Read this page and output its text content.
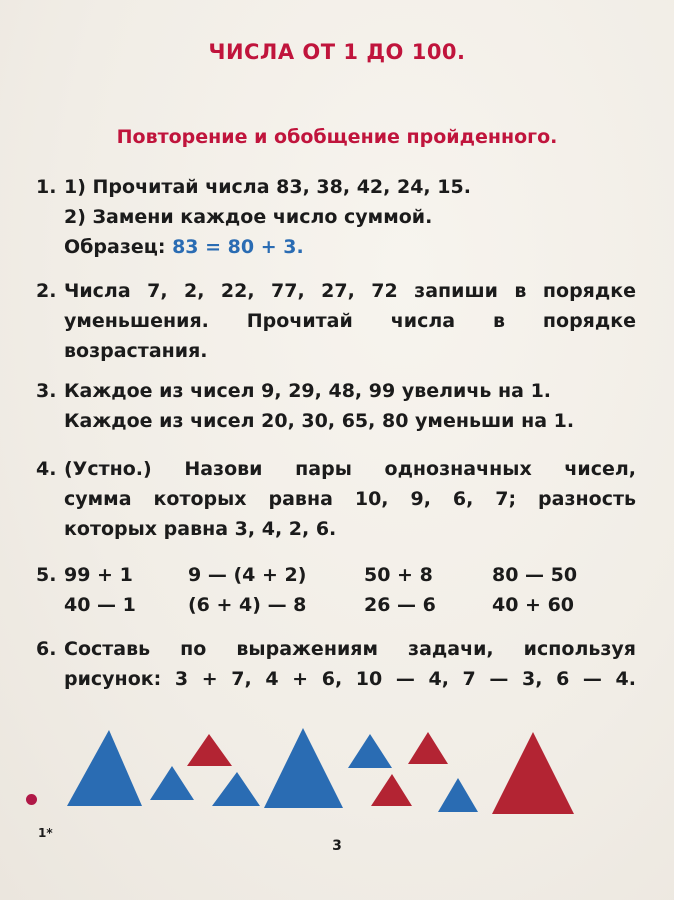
ЧИСЛА ОТ 1 ДО 100.
Повторение и обобщение пройденного.
1. 1) Прочитай числа 83, 38, 42, 24, 15.
2) Замени каждое число суммой.
Образец:
83 = 80 + 3.
2. Числа 7, 2, 22, 77, 27, 72 запиши в порядке
уменьшения. Прочитай числа в порядке
возрастания.
3. Каждое из чисел 9, 29, 48, 99 увеличь на 1.
Каждое из чисел 20, 30, 65, 80 уменьши на 1.
4. (Устно.) Назови пары однозначных чисел,
сумма которых равна 10, 9, 6, 7; разность
которых равна 3, 4, 2, 6.
5. 99 + 1
40 — 1
9 — (4 + 2)
(6 + 4) — 8
50 + 8
26 — 6
80 — 50
40 + 60
6. Составь по выражениям задачи, используя
рисунок: 3 + 7, 4 + 6, 10 — 4, 7 — 3, 6 — 4.
1*
3
